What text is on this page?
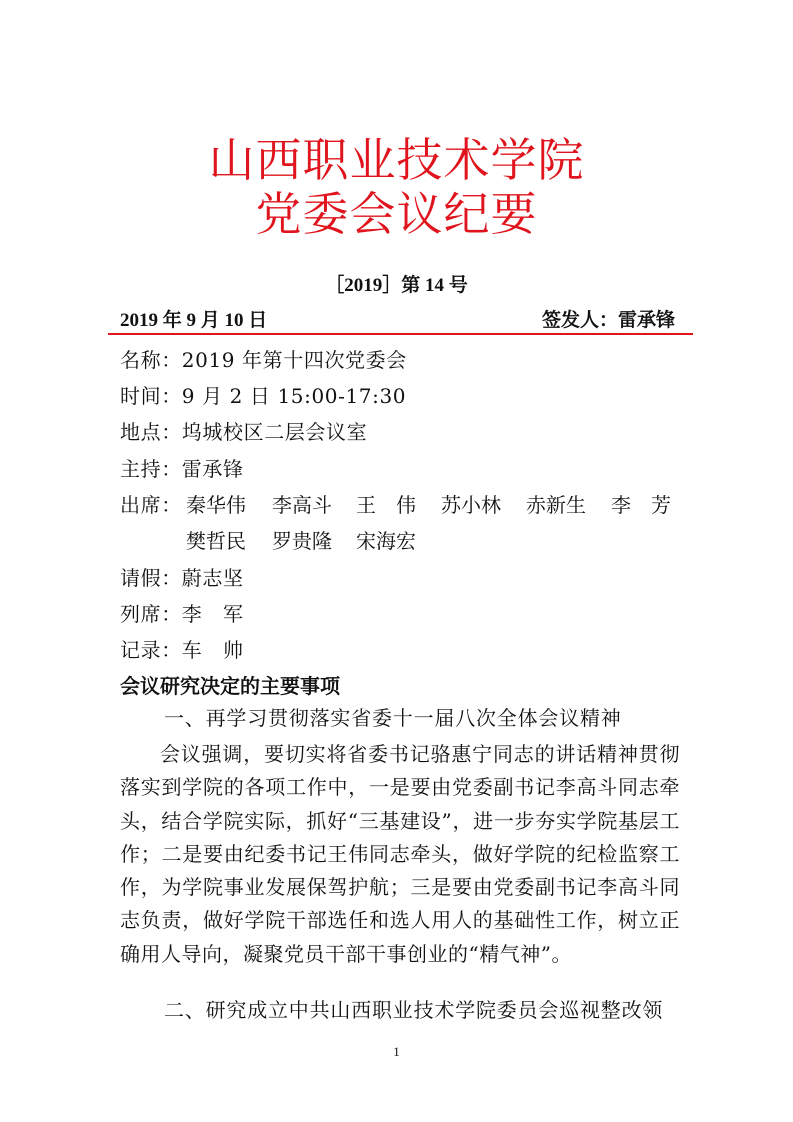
山西职业技术学院
党委会议纪要
［2019］第 14 号
2019 年 9 月 10 日	签发人：雷承锋
名称：2019 年第十四次党委会
时间：9 月 2 日 15:00-17:30
地点：坞城校区二层会议室
主持：雷承锋
出席： 秦华伟 李高斗 王　伟 苏小林 赤新生 李　芳
樊哲民 罗贵隆 宋海宏
请假：蔚志坚
列席：李　军
记录：车　帅
会议研究决定的主要事项
一、再学习贯彻落实省委十一届八次全体会议精神
会议强调，要切实将省委书记骆惠宁同志的讲话精神贯彻落实到学院的各项工作中，一是要由党委副书记李高斗同志牵头，结合学院实际，抓好“三基建设”，进一步夯实学院基层工作；二是要由纪委书记王伟同志牵头，做好学院的纪检监察工作，为学院事业发展保驾护航；三是要由党委副书记李高斗同志负责，做好学院干部选任和选人用人的基础性工作，树立正确用人导向，凝聚党员干部干事创业的“精气神”。
二、研究成立中共山西职业技术学院委员会巡视整改领
1
